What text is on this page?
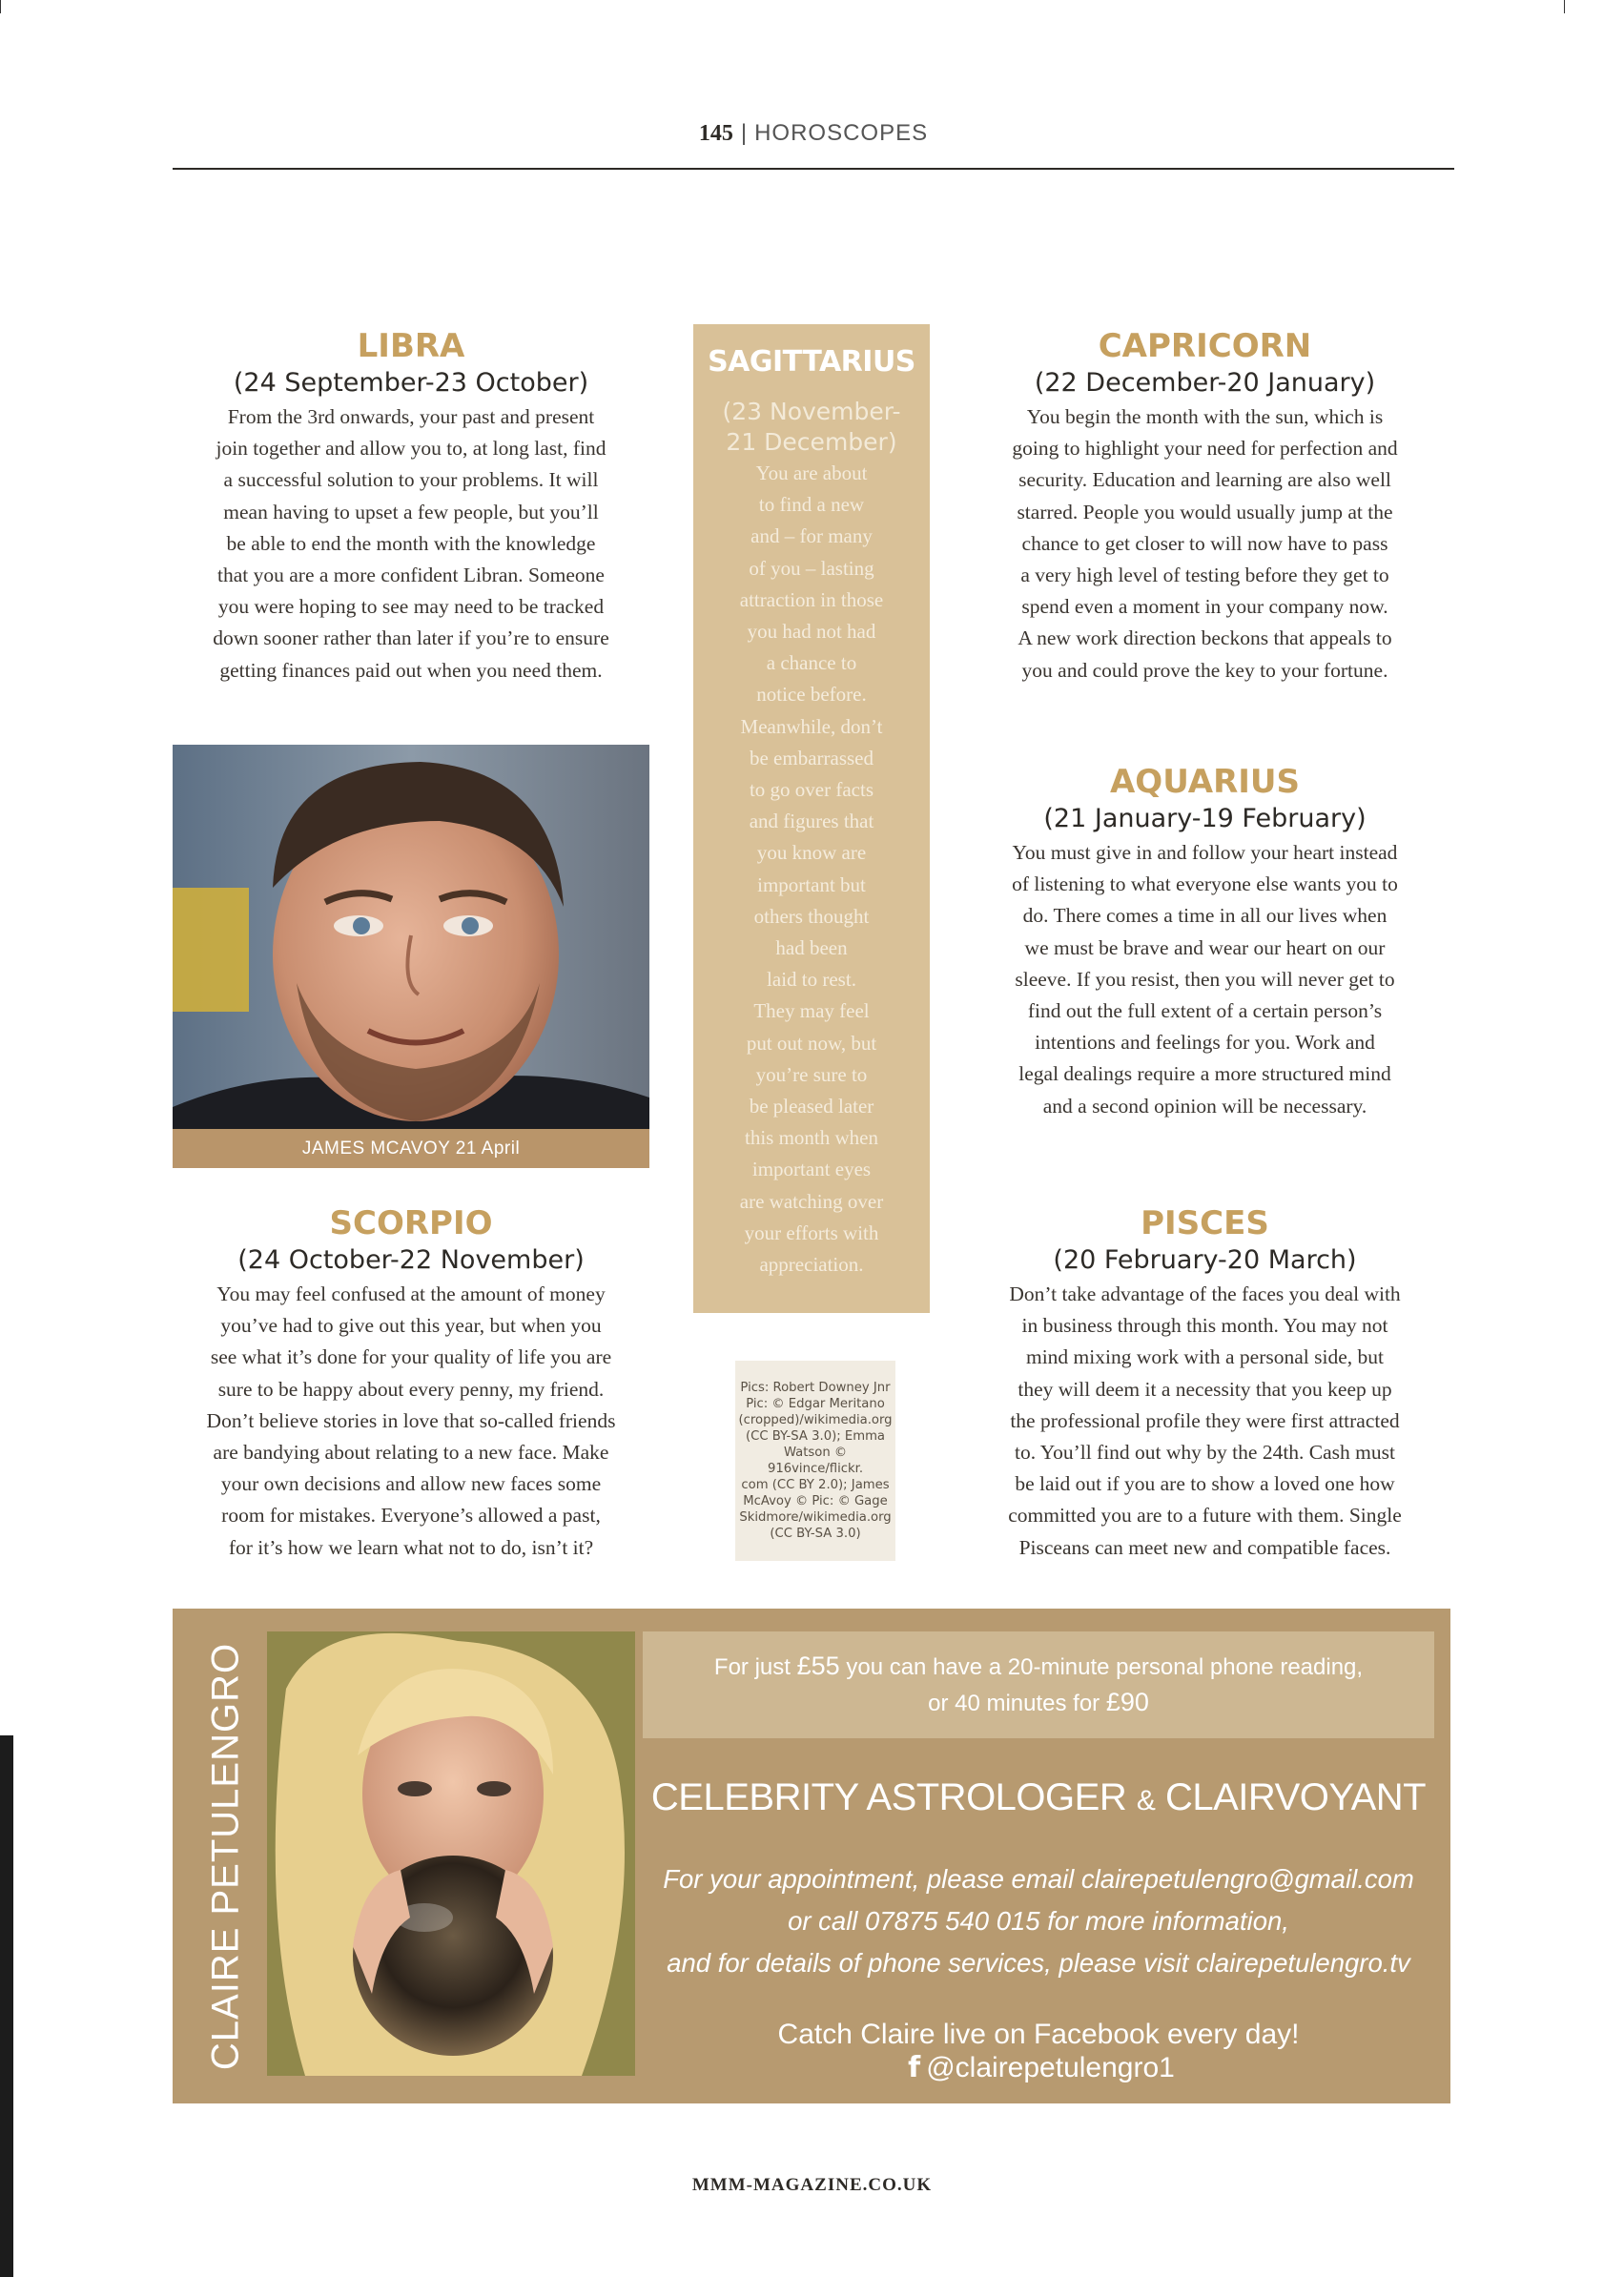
145 | HOROSCOPES
LIBRA
(24 September-23 October)
From the 3rd onwards, your past and present
join together and allow you to, at long last, find
a successful solution to your problems. It will
mean having to upset a few people, but you’ll
be able to end the month with the knowledge
that you are a more confident Libran. Someone
you were hoping to see may need to be tracked
down sooner rather than later if you’re to ensure
getting finances paid out when you need them.
JAMES MCAVOY 21 April
SCORPIO
(24 October-22 November)
You may feel confused at the amount of money
you’ve had to give out this year, but when you
see what it’s done for your quality of life you are
sure to be happy about every penny, my friend.
Don’t believe stories in love that so-called friends
are bandying about relating to a new face. Make
your own decisions and allow new faces some
room for mistakes. Everyone’s allowed a past,
for it’s how we learn what not to do, isn’t it?
SAGITTARIUS
(23 November-21 December)
You are about
to find a new
and – for many
of you – lasting
attraction in those
you had not had
a chance to
notice before.
Meanwhile, don’t
be embarrassed
to go over facts
and figures that
you know are
important but
others thought
had been
laid to rest.
They may feel
put out now, but
you’re sure to
be pleased later
this month when
important eyes
are watching over
your efforts with
appreciation.
Pics: Robert Downey Jnr
Pic: © Edgar Meritano
(cropped)/wikimedia.org
(CC BY-SA 3.0); Emma
Watson © 916vince/flickr.
com (CC BY 2.0); James
McAvoy © Pic: © Gage
Skidmore/wikimedia.org
(CC BY-SA 3.0)
CAPRICORN
(22 December-20 January)
You begin the month with the sun, which is
going to highlight your need for perfection and
security. Education and learning are also well
starred. People you would usually jump at the
chance to get closer to will now have to pass
a very high level of testing before they get to
spend even a moment in your company now.
A new work direction beckons that appeals to
you and could prove the key to your fortune.
AQUARIUS
(21 January-19 February)
You must give in and follow your heart instead
of listening to what everyone else wants you to
do. There comes a time in all our lives when
we must be brave and wear our heart on our
sleeve. If you resist, then you will never get to
find out the full extent of a certain person’s
intentions and feelings for you. Work and
legal dealings require a more structured mind
and a second opinion will be necessary.
PISCES
(20 February-20 March)
Don’t take advantage of the faces you deal with
in business through this month. You may not
mind mixing work with a personal side, but
they will deem it a necessity that you keep up
the professional profile they were first attracted
to. You’ll find out why by the 24th. Cash must
be laid out if you are to show a loved one how
committed you are to a future with them. Single
Pisceans can meet new and compatible faces.
CLAIRE PETULENGRO	For just £55 you can have a 20-minute personal phone reading,
or 40 minutes for £90
CELEBRITY ASTROLOGER & CLAIRVOYANT
For your appointment, please email clairepetulengro@gmail.com
or call 07875 540 015 for more information,
and for details of phone services, please visit clairepetulengro.tv
Catch Claire live on Facebook every day! f @clairepetulengro1
MMM-MAGAZINE.CO.UK
